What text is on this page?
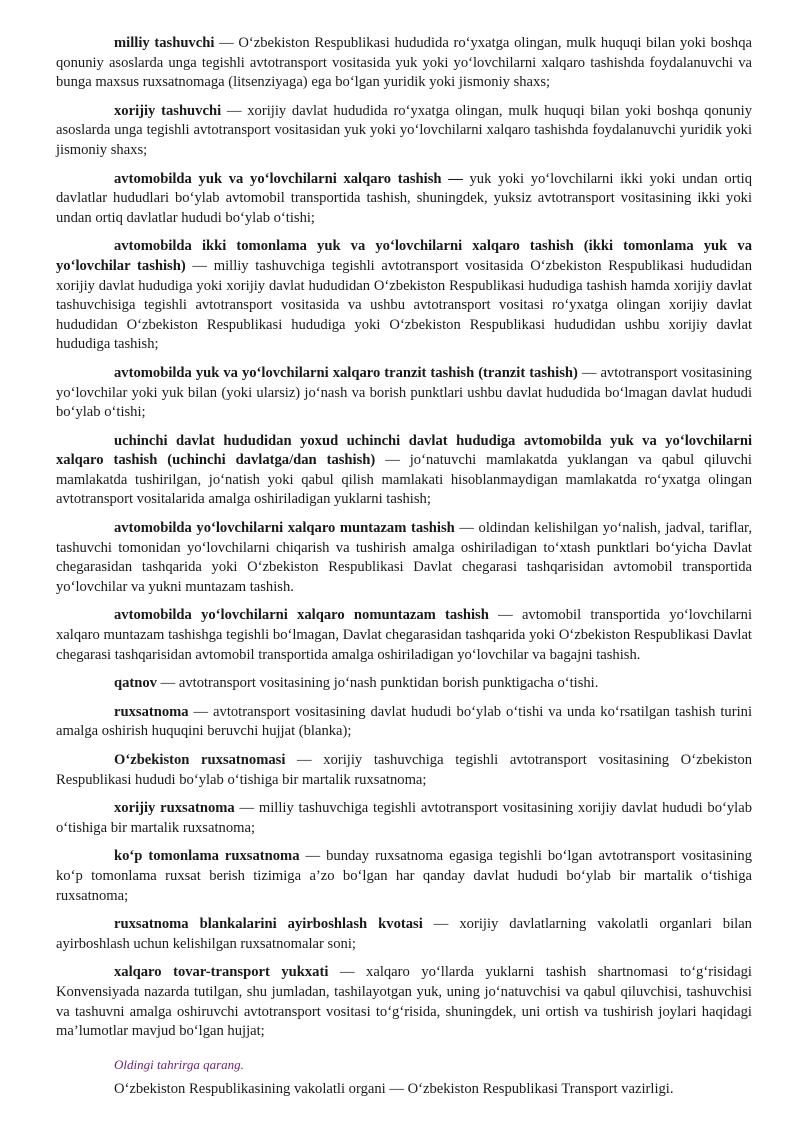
milliy tashuvchi — O‘zbekiston Respublikasi hududida ro‘yxatga olingan, mulk huquqi bilan yoki boshqa qonuniy asoslarda unga tegishli avtotransport vositasida yuk yoki yo‘lovchilarni xalqaro tashishda foydalanuvchi va bunga maxsus ruxsatnomaga (litsenziyaga) ega bo‘lgan yuridik yoki jismoniy shaxs;

xorijiy tashuvchi — xorijiy davlat hududida ro‘yxatga olingan, mulk huquqi bilan yoki boshqa qonuniy asoslarda unga tegishli avtotransport vositasidan yuk yoki yo‘lovchilarni xalqaro tashishda foydalanuvchi yuridik yoki jismoniy shaxs;

avtomobilda yuk va yo‘lovchilarni xalqaro tashish — yuk yoki yo‘lovchilarni ikki yoki undan ortiq davlatlar hududlari bo‘ylab avtomobil transportida tashish, shuningdek, yuksiz avtotransport vositasining ikki yoki undan ortiq davlatlar hududi bo‘ylab o‘tishi;

avtomobilda ikki tomonlama yuk va yo‘lovchilarni xalqaro tashish (ikki tomonlama yuk va yo‘lovchilar tashish) — milliy tashuvchiga tegishli avtotransport vositasida O‘zbekiston Respublikasi hududidan xorijiy davlat hududiga yoki xorijiy davlat hududidan O‘zbekiston Respublikasi hududiga tashish hamda xorijiy davlat tashuvchisiga tegishli avtotransport vositasida va ushbu avtotransport vositasi ro‘yxatga olingan xorijiy davlat hududidan O‘zbekiston Respublikasi hududiga yoki O‘zbekiston Respublikasi hududidan ushbu xorijiy davlat hududiga tashish;

avtomobilda yuk va yo‘lovchilarni xalqaro tranzit tashish (tranzit tashish) — avtotransport vositasining yo‘lovchilar yoki yuk bilan (yoki ularsiz) jo‘nash va borish punktlari ushbu davlat hududida bo‘lmagan davlat hududi bo‘ylab o‘tishi;

uchinchi davlat hududidan yoxud uchinchi davlat hududiga avtomobilda yuk va yo‘lovchilarni xalqaro tashish (uchinchi davlatga/dan tashish) — jo‘natuvchi mamlakatda yuklangan va qabul qiluvchi mamlakatda tushirilgan, jo‘natish yoki qabul qilish mamlakati hisoblanmaydigan mamlakatda ro‘yxatga olingan avtotransport vositalarida amalga oshiriladigan yuklarni tashish;

avtomobilda yo‘lovchilarni xalqaro muntazam tashish — oldindan kelishilgan yo‘nalish, jadval, tariflar, tashuvchi tomonidan yo‘lovchilarni chiqarish va tushirish amalga oshiriladigan to‘xtash punktlari bo‘yicha Davlat chegarasidan tashqarida yoki O‘zbekiston Respublikasi Davlat chegarasi tashqarisidan avtomobil transportida yo‘lovchilar va yukni muntazam tashish.

avtomobilda yo‘lovchilarni xalqaro nomuntazam tashish — avtomobil transportida yo‘lovchilarni xalqaro muntazam tashishga tegishli bo‘lmagan, Davlat chegarasidan tashqarida yoki O‘zbekiston Respublikasi Davlat chegarasi tashqarisidan avtomobil transportida amalga oshiriladigan yo‘lovchilar va bagajni tashish.

qatnov — avtotransport vositasining jo‘nash punktidan borish punktigacha o‘tishi.

ruxsatnoma — avtotransport vositasining davlat hududi bo‘ylab o‘tishi va unda ko‘rsatilgan tashish turini amalga oshirish huquqini beruvchi hujjat (blanka);

O‘zbekiston ruxsatnomasi — xorijiy tashuvchiga tegishli avtotransport vositasining O‘zbekiston Respublikasi hududi bo‘ylab o‘tishiga bir martalik ruxsatnoma;

xorijiy ruxsatnoma — milliy tashuvchiga tegishli avtotransport vositasining xorijiy davlat hududi bo‘ylab o‘tishiga bir martalik ruxsatnoma;

ko‘p tomonlama ruxsatnoma — bunday ruxsatnoma egasiga tegishli bo‘lgan avtotransport vositasining ko‘p tomonlama ruxsat berish tizimiga a’zo bo‘lgan har qanday davlat hududi bo‘ylab bir martalik o‘tishiga ruxsatnoma;

ruxsatnoma blankalarini ayirboshlash kvotasi — xorijiy davlatlarning vakolatli organlari bilan ayirboshlash uchun kelishilgan ruxsatnomalar soni;

xalqaro tovar-transport yukxati — xalqaro yo‘llarda yuklarni tashish shartnomasi to‘g‘risidagi Konvensiyada nazarda tutilgan, shu jumladan, tashilayotgan yuk, uning jo‘natuvchisi va qabul qiluvchisi, tashuvchisi va tashuvni amalga oshiruvchi avtotransport vositasi to‘g‘risida, shuningdek, uni ortish va tushirish joylari haqidagi ma’lumotlar mavjud bo‘lgan hujjat;

Oldingi tahrirga qarang.

O‘zbekiston Respublikasining vakolatli organi — O‘zbekiston Respublikasi Transport vazirligi.
